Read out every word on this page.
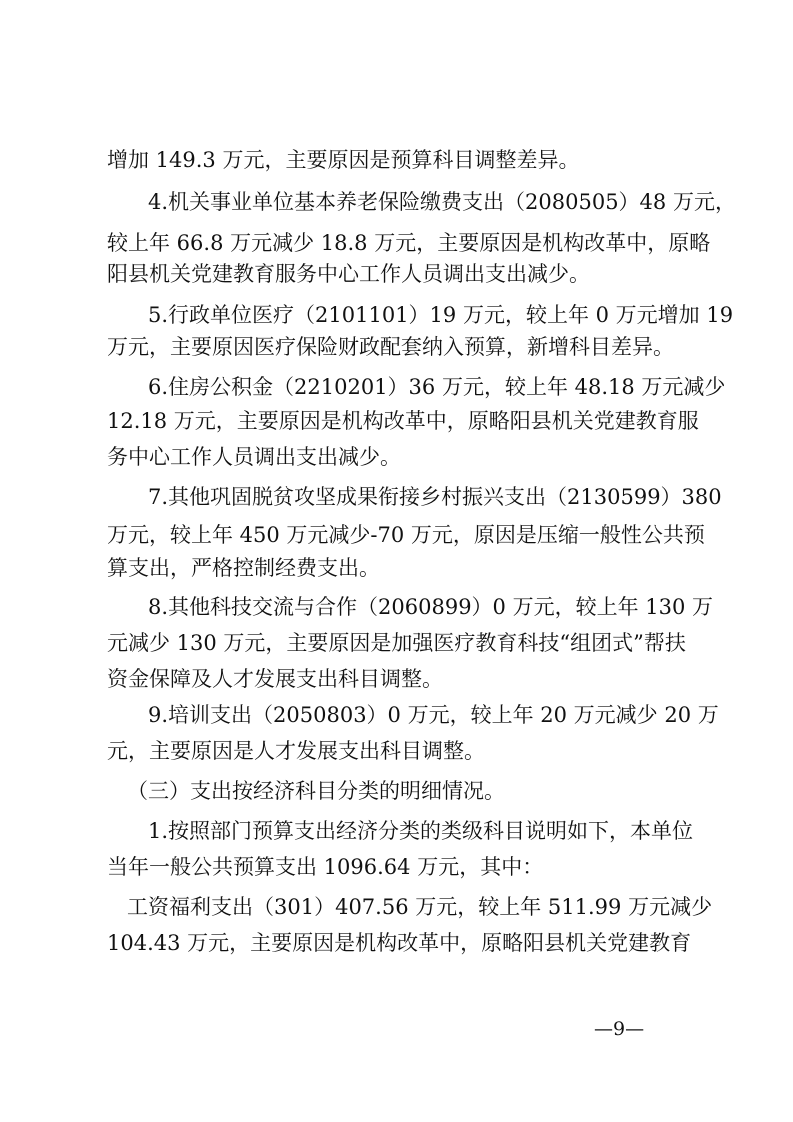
增加 149.3 万元，主要原因是预算科目调整差异。
4.机关事业单位基本养老保险缴费支出（2080505）48 万元，
较上年 66.8 万元减少 18.8 万元，主要原因是机构改革中，原略
阳县机关党建教育服务中心工作人员调出支出减少。
5.行政单位医疗（2101101）19 万元，较上年 0 万元增加 19
万元，主要原因医疗保险财政配套纳入预算，新增科目差异。
6.住房公积金（2210201）36 万元，较上年 48.18 万元减少
12.18 万元，主要原因是机构改革中，原略阳县机关党建教育服
务中心工作人员调出支出减少。
7.其他巩固脱贫攻坚成果衔接乡村振兴支出（2130599）380
万元，较上年 450 万元减少-70 万元，原因是压缩一般性公共预
算支出，严格控制经费支出。
8.其他科技交流与合作（2060899）0 万元，较上年 130 万
元减少 130 万元，主要原因是加强医疗教育科技“组团式”帮扶
资金保障及人才发展支出科目调整。
9.培训支出（2050803）0 万元，较上年 20 万元减少 20 万
元，主要原因是人才发展支出科目调整。
（三）支出按经济科目分类的明细情况。
1.按照部门预算支出经济分类的类级科目说明如下，本单位
当年一般公共预算支出 1096.64 万元，其中：
工资福利支出（301）407.56 万元，较上年 511.99 万元减少
104.43 万元，主要原因是机构改革中，原略阳县机关党建教育
—9—
